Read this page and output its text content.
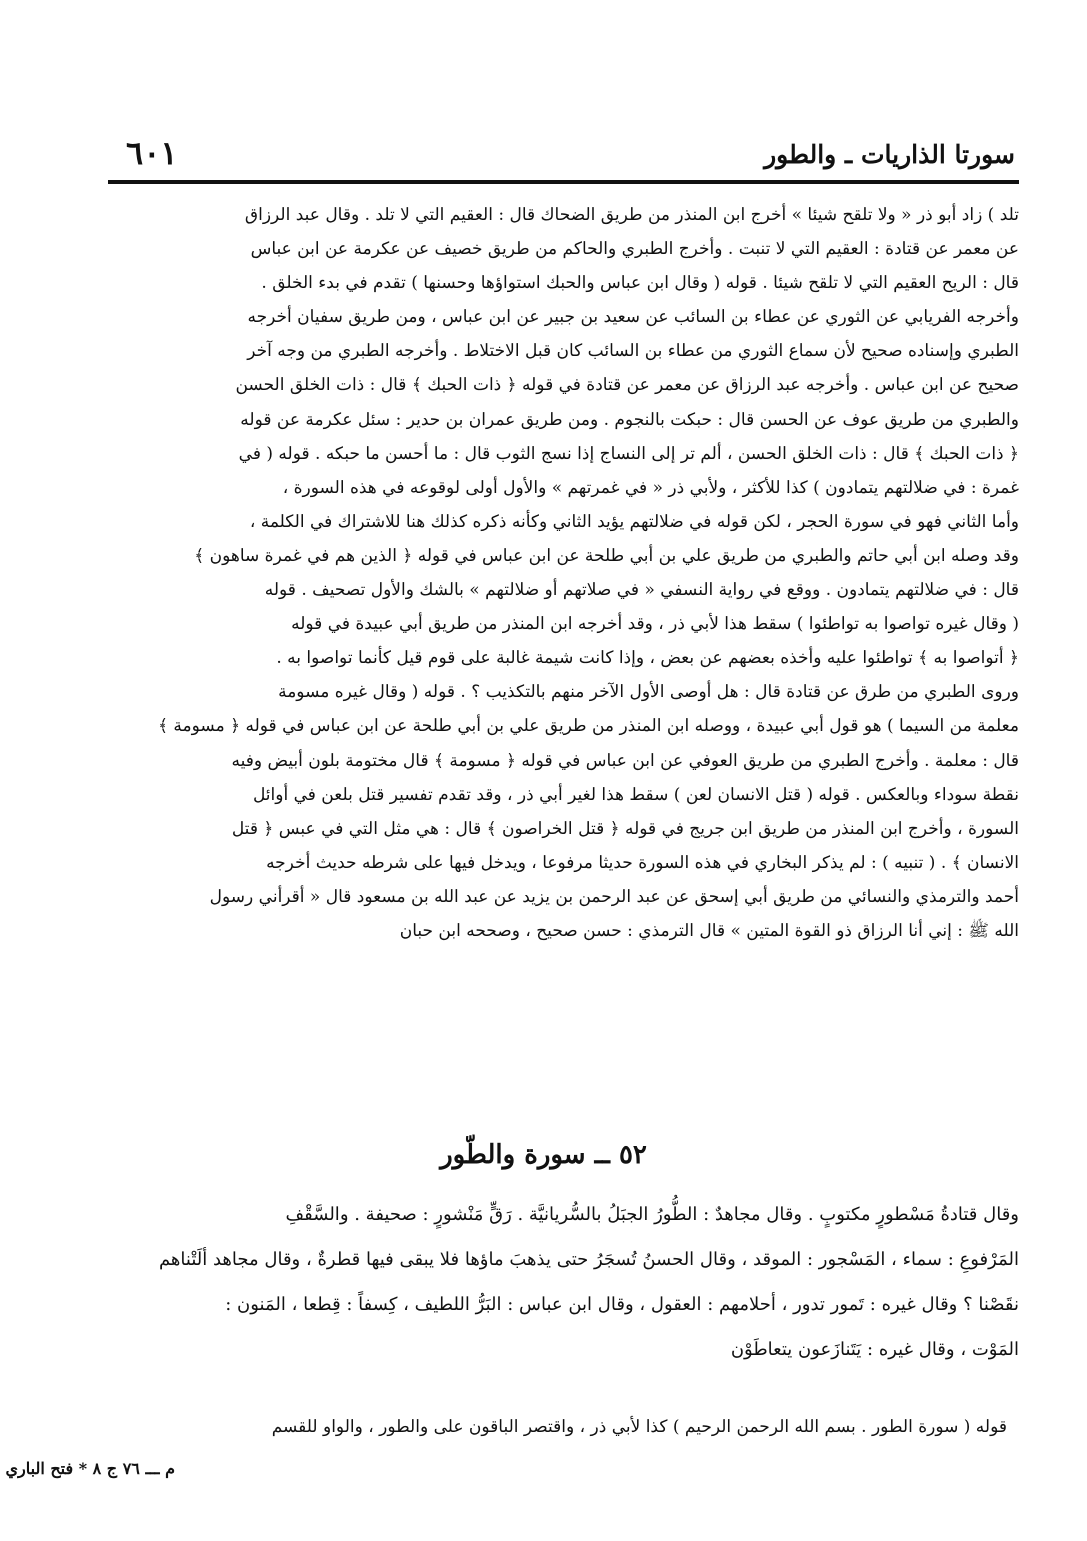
سورتا الذاريات ـ والطور
٦٠١
تلد ) زاد أبو ذر « ولا تلقح شيئا » أخرج ابن المنذر من طريق الضحاك قال : العقيم التي لا تلد . وقال عبد الرزاق
عن معمر عن قتادة : العقيم التي لا تنبت . وأخرج الطبري والحاكم من طريق خصيف عن عكرمة عن ابن عباس
قال : الريح العقيم التي لا تلقح شيئا . قوله ( وقال ابن عباس والحبك استواؤها وحسنها ) تقدم في بدء الخلق .
وأخرجه الفريابي عن الثوري عن عطاء بن السائب عن سعيد بن جبير عن ابن عباس ، ومن طريق سفيان أخرجه
الطبري وإسناده صحيح لأن سماع الثوري من عطاء بن السائب كان قبل الاختلاط . وأخرجه الطبري من وجه آخر
صحيح عن ابن عباس . وأخرجه عبد الرزاق عن معمر عن قتادة في قوله ﴿ ذات الحبك ﴾ قال : ذات الخلق الحسن
والطبري من طريق عوف عن الحسن قال : حبكت بالنجوم . ومن طريق عمران بن حدير : سئل عكرمة عن قوله
﴿ ذات الحبك ﴾ قال : ذات الخلق الحسن ، ألم تر إلى النساج إذا نسج الثوب قال : ما أحسن ما حبكه . قوله ( في
غمرة : في ضلالتهم يتمادون ) كذا للأكثر ، ولأبي ذر « في غمرتهم » والأول أولى لوقوعه في هذه السورة ،
وأما الثاني فهو في سورة الحجر ، لكن قوله في ضلالتهم يؤيد الثاني وكأنه ذكره كذلك هنا للاشتراك في الكلمة ،
وقد وصله ابن أبي حاتم والطبري من طريق علي بن أبي طلحة عن ابن عباس في قوله ﴿ الذين هم في غمرة ساهون ﴾
قال : في ضلالتهم يتمادون . ووقع في رواية النسفي « في صلاتهم أو ضلالتهم » بالشك والأول تصحيف . قوله
( وقال غيره تواصوا به تواطئوا ) سقط هذا لأبي ذر ، وقد أخرجه ابن المنذر من طريق أبي عبيدة في قوله
﴿ أتواصوا به ﴾ تواطئوا عليه وأخذه بعضهم عن بعض ، وإذا كانت شيمة غالبة على قوم قيل كأنما تواصوا به .
وروى الطبري من طرق عن قتادة قال : هل أوصى الأول الآخر منهم بالتكذيب ؟ . قوله ( وقال غيره مسومة
معلمة من السيما ) هو قول أبي عبيدة ، ووصله ابن المنذر من طريق علي بن أبي طلحة عن ابن عباس في قوله ﴿ مسومة ﴾
قال : معلمة . وأخرج الطبري من طريق العوفي عن ابن عباس في قوله ﴿ مسومة ﴾ قال مختومة بلون أبيض وفيه
نقطة سوداء وبالعكس . قوله ( قتل الانسان لعن ) سقط هذا لغير أبي ذر ، وقد تقدم تفسير قتل بلعن في أوائل
السورة ، وأخرج ابن المنذر من طريق ابن جريج في قوله ﴿ قتل الخراصون ﴾ قال : هي مثل التي في عبس ﴿ قتل
الانسان ﴾ . ( تنبيه ) : لم يذكر البخاري في هذه السورة حديثا مرفوعا ، ويدخل فيها على شرطه حديث أخرجه
أحمد والترمذي والنسائي من طريق أبي إسحق عن عبد الرحمن بن يزيد عن عبد الله بن مسعود قال « أقرأني رسول
الله ﷺ : إني أنا الرزاق ذو القوة المتين » قال الترمذي : حسن صحيح ، وصححه ابن حبان
٥٢ ــ سورة والطّور
وقال قتادةُ مَسْطورٍ مكتوبٍ . وقال مجاهدٌ : الطُّورُ الجبَلُ بالسُّريانيَّة . رَقٍّ مَنْشورٍ : صحيفة . والسَّقْفِ
المَرْفوعِ : سماء ، المَسْجور : الموقد ، وقال الحسنُ تُسجَرُ حتى يذهبَ ماؤها فلا يبقى فيها قطرةٌ ، وقال مجاهد ألَتْناهم
نقَصْنا ؟ وقال غيره : تَمور تدور ، أحلامهم : العقول ، وقال ابن عباس : البَرُّ اللطيف ، كِسفاً : قِطعا ، المَنون :
المَوْت ، وقال غيره : يَتَنازَعون يتعاطَوْن
قوله ( سورة الطور . بسم الله الرحمن الرحيم ) كذا لأبي ذر ، واقتصر الباقون على والطور ، والواو للقسم
م ـــ ٧٦ ج ٨ * فتح الباري
